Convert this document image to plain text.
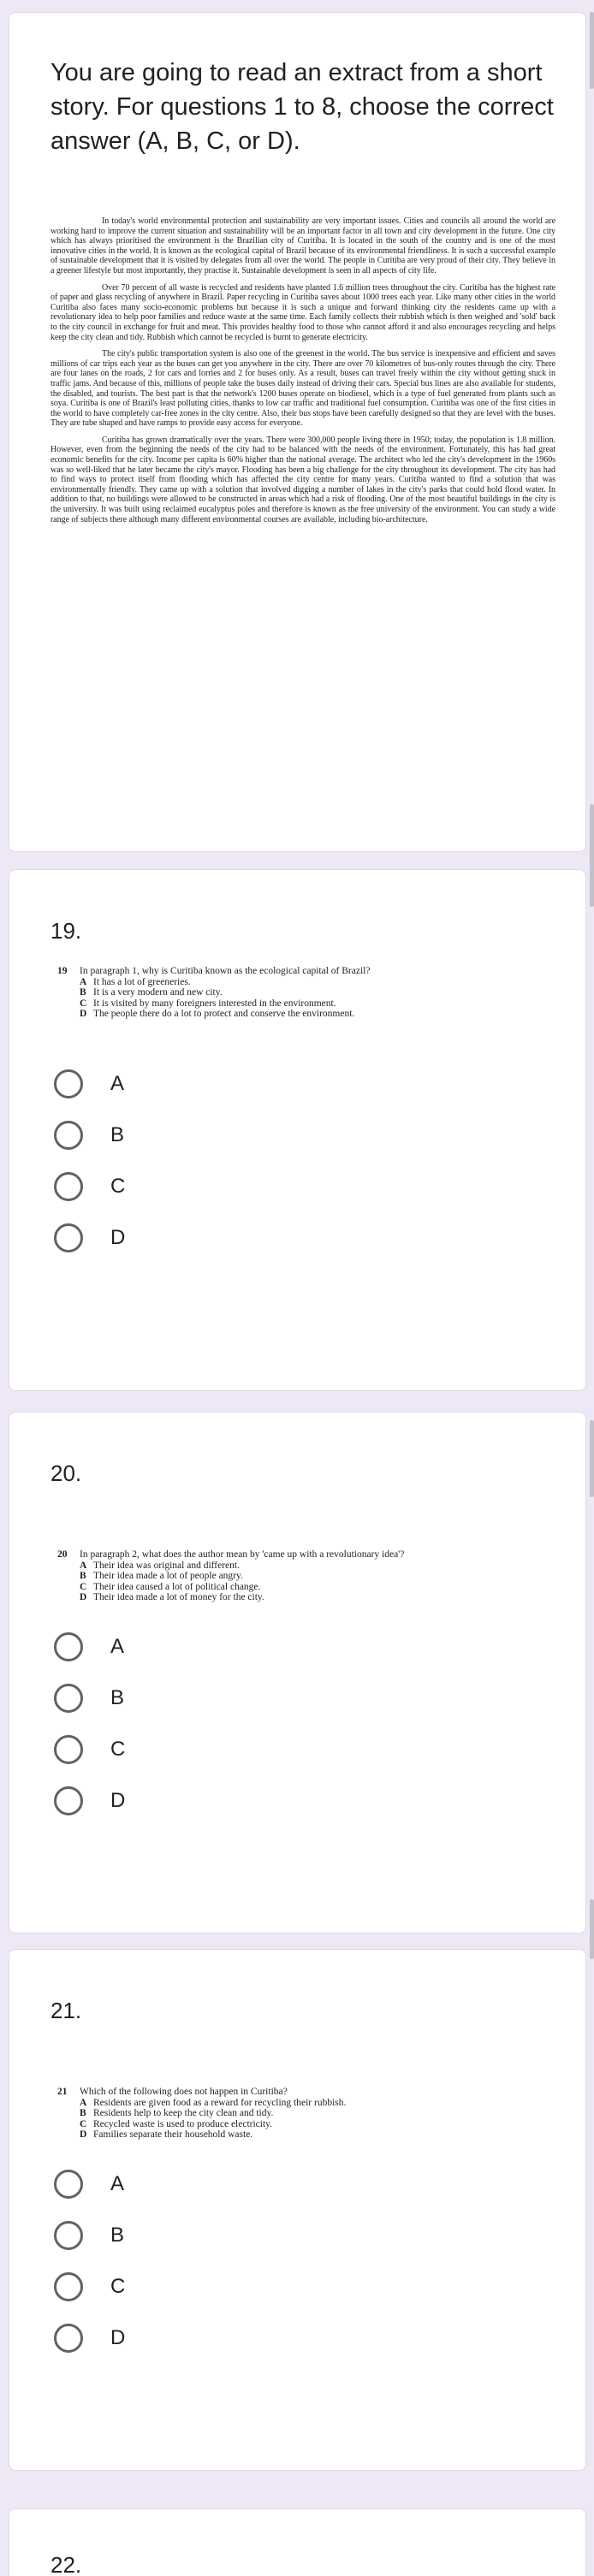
You are going to read an extract from a short story. For questions 1 to 8, choose the correct answer (A, B, C, or D).

In today's world environmental protection and sustainability are very important issues. Cities and councils all around the world are working hard to improve the current situation and sustainability will be an important factor in all town and city development in the future. One city which has always prioritised the environment is the Brazilian city of Curitiba. It is located in the south of the country and is one of the most innovative cities in the world. It is known as the ecological capital of Brazil because of its environmental friendliness. It is such a successful example of sustainable development that it is visited by delegates from all over the world. The people in Curitiba are very proud of their city. They believe in a greener lifestyle but most importantly, they practise it. Sustainable development is seen in all aspects of city life.

Over 70 percent of all waste is recycled and residents have planted 1.6 million trees throughout the city. Curitiba has the highest rate of paper and glass recycling of anywhere in Brazil. Paper recycling in Curitiba saves about 1000 trees each year. Like many other cities in the world Curitiba also faces many socio-economic problems but because it is such a unique and forward thinking city the residents came up with a revolutionary idea to help poor families and reduce waste at the same time. Each family collects their rubbish which is then weighed and 'sold' back to the city council in exchange for fruit and meat. This provides healthy food to those who cannot afford it and also encourages recycling and helps keep the city clean and tidy. Rubbish which cannot be recycled is burnt to generate electricity.

The city's public transportation system is also one of the greenest in the world. The bus service is inexpensive and efficient and saves millions of car trips each year as the buses can get you anywhere in the city. There are over 70 kilometres of bus-only routes through the city. There are four lanes on the roads, 2 for cars and lorries and 2 for buses only. As a result, buses can travel freely within the city without getting stuck in traffic jams. And because of this, millions of people take the buses daily instead of driving their cars. Special bus lines are also available for students, the disabled, and tourists. The best part is that the network's 1200 buses operate on biodiesel, which is a type of fuel generated from plants such as soya. Curitiba is one of Brazil's least polluting cities, thanks to low car traffic and traditional fuel consumption. Curitiba was one of the first cities in the world to have completely car-free zones in the city centre. Also, their bus stops have been carefully designed so that they are level with the buses. They are tube shaped and have ramps to provide easy access for everyone.

Curitiba has grown dramatically over the years. There were 300,000 people living there in 1950; today, the population is 1.8 million. However, even from the beginning the needs of the city had to be balanced with the needs of the environment. Fortunately, this has had great economic benefits for the city. Income per capita is 60% higher than the national average. The architect who led the city's development in the 1960s was so well-liked that he later became the city's mayor. Flooding has been a big challenge for the city throughout its development. The city has had to find ways to protect itself from flooding which has affected the city centre for many years. Curitiba wanted to find a solution that was environmentally friendly. They came up with a solution that involved digging a number of lakes in the city's parks that could hold flood water. In addition to that, no buildings were allowed to be constructed in areas which had a risk of flooding. One of the most beautiful buildings in the city is the university. It was built using reclaimed eucalyptus poles and therefore is known as the free university of the environment. You can study a wide range of subjects there although many different environmental courses are available, including bio-architecture.

19.
19	In paragraph 1, why is Curitiba known as the ecological capital of Brazil?
A It has a lot of greeneries.
B It is a very modern and new city.
C It is visited by many foreigners interested in the environment.
D The people there do a lot to protect and conserve the environment.
A
B
C
D
20.
20	In paragraph 2, what does the author mean by 'came up with a revolutionary idea'?
A Their idea was original and different.
B Their idea made a lot of people angry.
C Their idea caused a lot of political change.
D Their idea made a lot of money for the city.
A
B
C
D
21.
21	Which of the following does not happen in Curitiba?
A Residents are given food as a reward for recycling their rubbish.
B Residents help to keep the city clean and tidy.
C Recycled waste is used to produce electricity.
D Families separate their household waste.
A
B
C
D
22.
